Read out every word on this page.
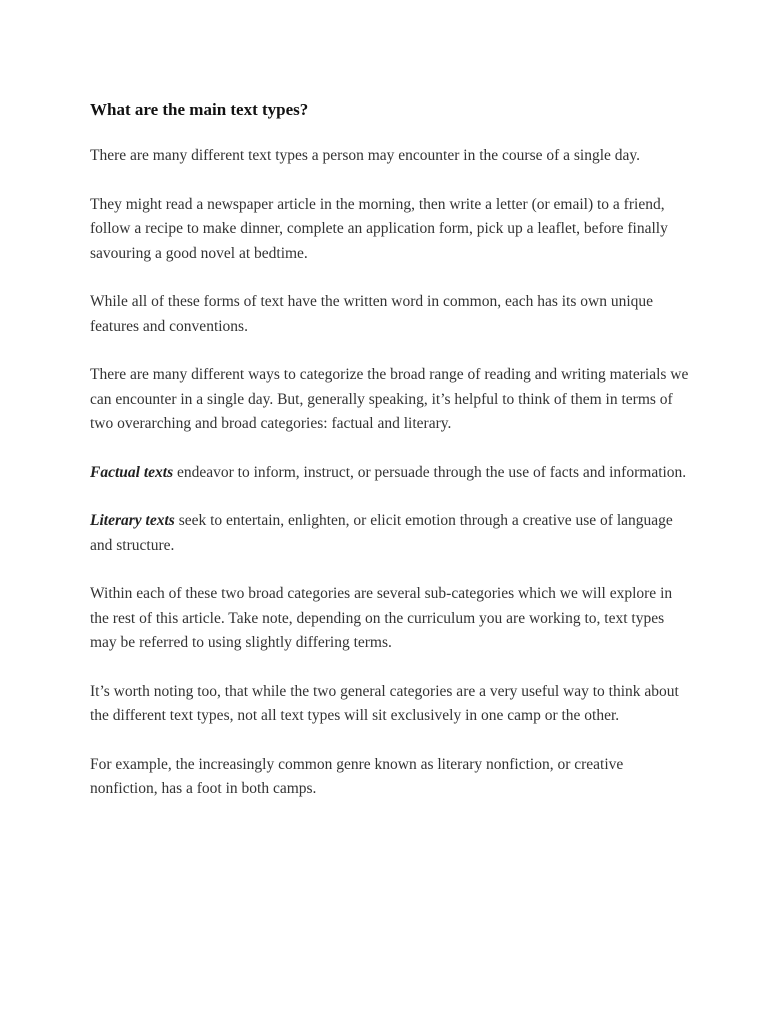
What are the main text types?

There are many different text types a person may encounter in the course of a single day.

They might read a newspaper article in the morning, then write a letter (or email) to a friend, follow a recipe to make dinner, complete an application form, pick up a leaflet, before finally savouring a good novel at bedtime.

While all of these forms of text have the written word in common, each has its own unique features and conventions.

There are many different ways to categorize the broad range of reading and writing materials we can encounter in a single day. But, generally speaking, it’s helpful to think of them in terms of two overarching and broad categories: factual and literary.

Factual texts endeavor to inform, instruct, or persuade through the use of facts and information.

Literary texts seek to entertain, enlighten, or elicit emotion through a creative use of language and structure.

Within each of these two broad categories are several sub-categories which we will explore in the rest of this article. Take note, depending on the curriculum you are working to, text types may be referred to using slightly differing terms.

It’s worth noting too, that while the two general categories are a very useful way to think about the different text types, not all text types will sit exclusively in one camp or the other.

For example, the increasingly common genre known as literary nonfiction, or creative nonfiction, has a foot in both camps.
